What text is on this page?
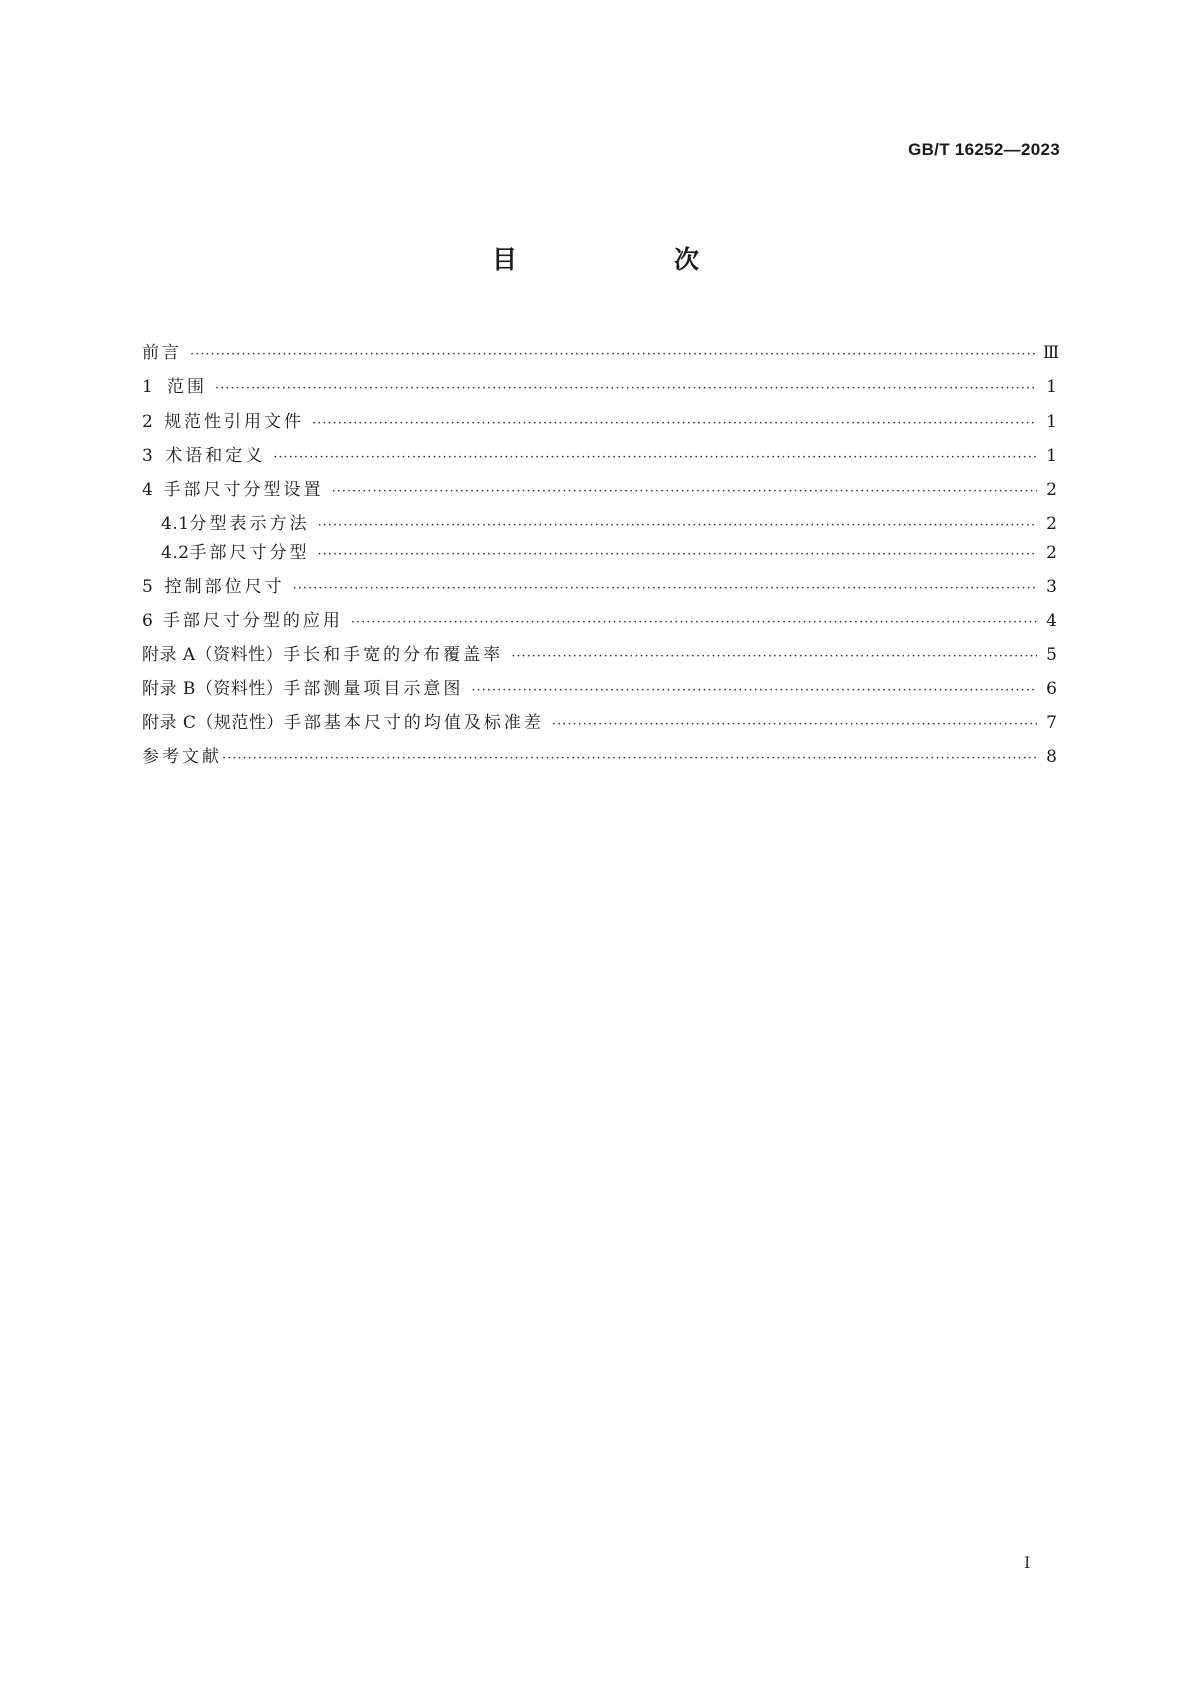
GB/T 16252—2023
目　次
前言 ·····	Ⅲ
1 范围 ·····	1
2 规范性引用文件 ·····	1
3 术语和定义 ·····	1
4 手部尺寸分型设置 ·····	2
4.1 分型表示方法 ·····	2
4.2 手部尺寸分型 ·····	2
5 控制部位尺寸 ·····	3
6 手部尺寸分型的应用 ·····	4
附录 A（资料性） 手长和手宽的分布覆盖率 ·····	5
附录 B（资料性） 手部测量项目示意图 ·····	6
附录 C（规范性） 手部基本尺寸的均值及标准差 ·····	7
参考文献 ·····	8
Ⅰ
